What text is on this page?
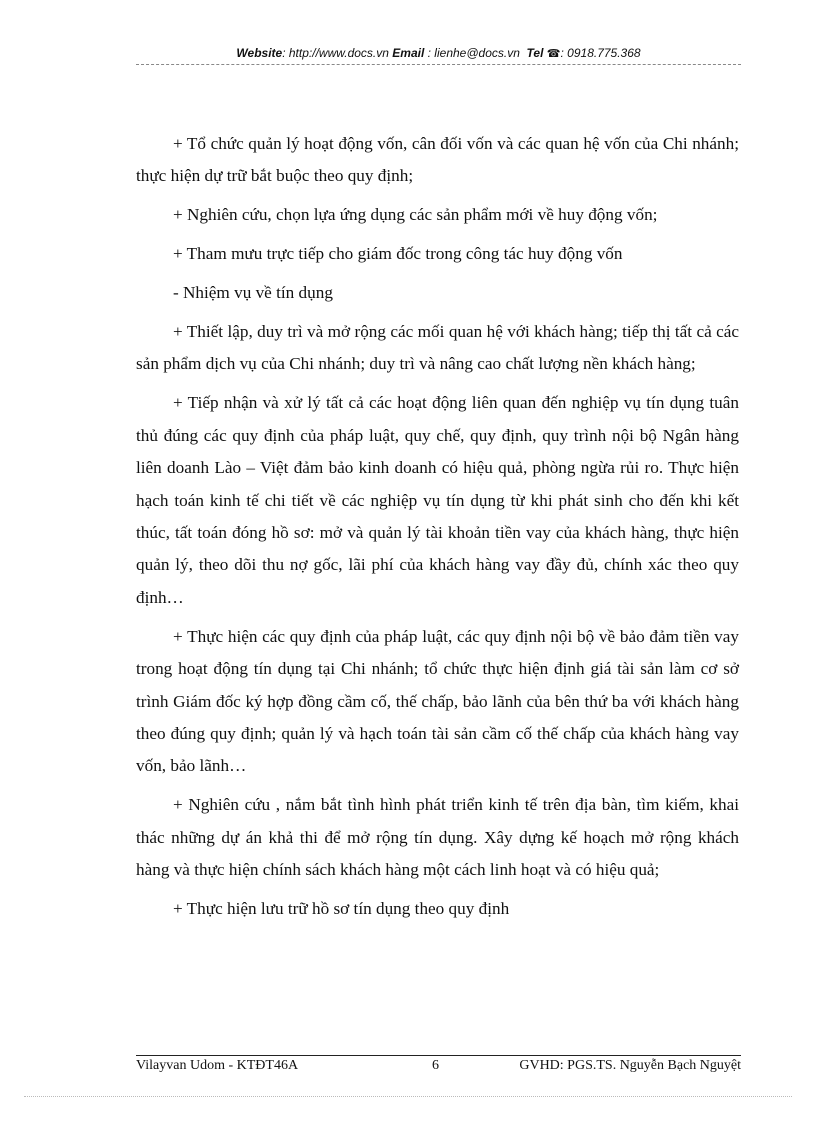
Website: http://www.docs.vn Email : lienhe@docs.vn Tel ☎: 0918.775.368

+ Tổ chức quản lý hoạt động vốn, cân đối vốn và các quan hệ vốn của Chi nhánh; thực hiện dự trữ bắt buộc theo quy định;

+ Nghiên cứu, chọn lựa ứng dụng các sản phẩm mới về huy động vốn;

+ Tham mưu trực tiếp cho giám đốc trong công tác huy động vốn

- Nhiệm vụ về tín dụng

+ Thiết lập, duy trì và mở rộng các mối quan hệ với khách hàng; tiếp thị tất cả các sản phẩm dịch vụ của Chi nhánh; duy trì và nâng cao chất lượng nền khách hàng;

+ Tiếp nhận và xử lý tất cả các hoạt động liên quan đến nghiệp vụ tín dụng tuân thủ đúng các quy định của pháp luật, quy chế, quy định, quy trình nội bộ Ngân hàng liên doanh Lào – Việt đảm bảo kinh doanh có hiệu quả, phòng ngừa rủi ro. Thực hiện hạch toán kinh tế chi tiết về các nghiệp vụ tín dụng từ khi phát sinh cho đến khi kết thúc, tất toán đóng hồ sơ: mở và quản lý tài khoản tiền vay của khách hàng, thực hiện quản lý, theo dõi thu nợ gốc, lãi phí của khách hàng vay đầy đủ, chính xác theo quy định…

+ Thực hiện các quy định của pháp luật, các quy định nội bộ về bảo đảm tiền vay trong hoạt động tín dụng tại Chi nhánh; tổ chức thực hiện định giá tài sản làm cơ sở trình Giám đốc ký hợp đồng cầm cố, thế chấp, bảo lãnh của bên thứ ba với khách hàng theo đúng quy định; quản lý và hạch toán tài sản cầm cố thế chấp của khách hàng vay vốn, bảo lãnh…

+ Nghiên cứu , nắm bắt tình hình phát triển kinh tế trên địa bàn, tìm kiếm, khai thác những dự án khả thi để mở rộng tín dụng. Xây dựng kế hoạch mở rộng khách hàng và thực hiện chính sách khách hàng một cách linh hoạt và có hiệu quả;

+ Thực hiện lưu trữ hồ sơ tín dụng theo quy định

Vilayvan Udom - KTĐT46A	6	GVHD: PGS.TS. Nguyễn Bạch Nguyệt
